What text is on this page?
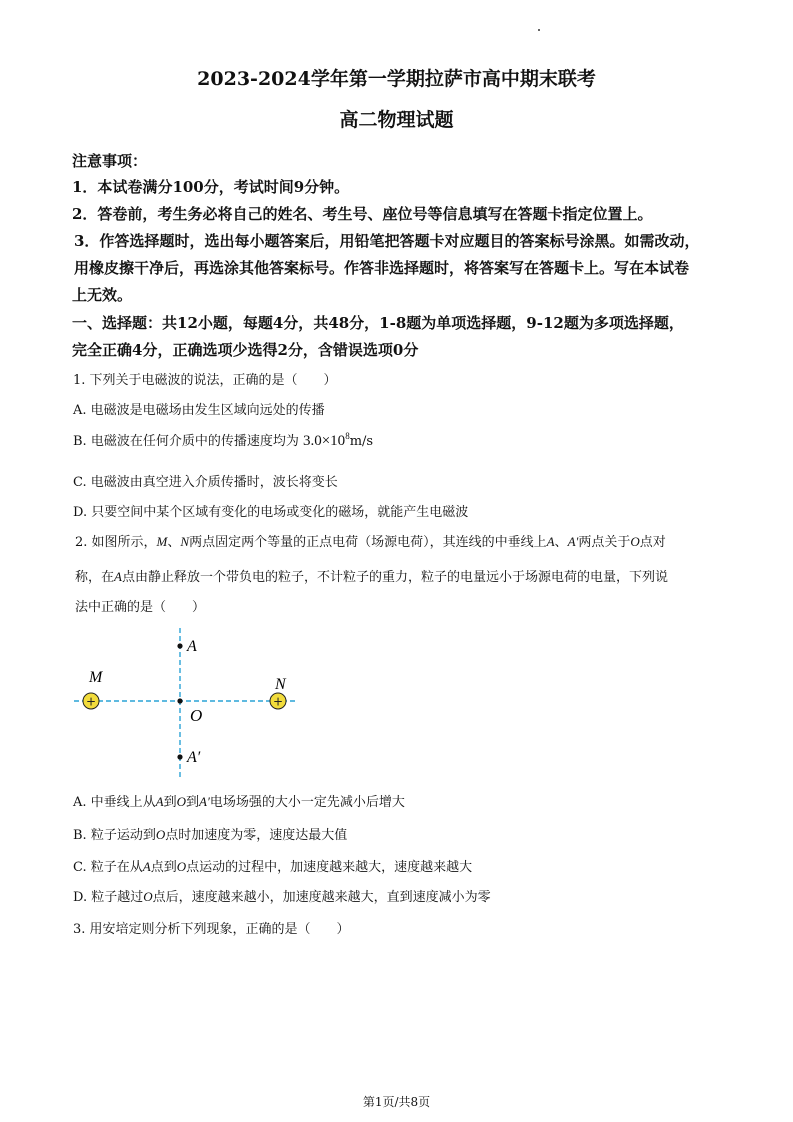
2023-2024学年第一学期拉萨市高中期末联考
高二物理试题
注意事项：
1．本试卷满分100分，考试时间9分钟。
2．答卷前，考生务必将自己的姓名、考生号、座位号等信息填写在答题卡指定位置上。
3．作答选择题时，选出每小题答案后，用铅笔把答题卡对应题目的答案标号涂黑。如需改动，
用橡皮擦干净后，再选涂其他答案标号。作答非选择题时，将答案写在答题卡上。写在本试卷
上无效。
一、选择题：共12小题，每题4分，共48分，1-8题为单项选择题，9-12题为多项选择题，
完全正确4分，正确选项少选得2分，含错误选项0分
1. 下列关于电磁波的说法，正确的是（　　）
A. 电磁波是电磁场由发生区域向远处的传播
B. 电磁波在任何介质中的传播速度均为 $3.0\times 10^8m/s$
C. 电磁波由真空进入介质传播时，波长将变长
D. 只要空间中某个区域有变化的电场或变化的磁场，就能产生电磁波
2. 如图所示，M、N两点固定两个等量的正点电荷（场源电荷），其连线的中垂线上A、A′两点关于O点对
称，在A点由静止释放一个带负电的粒子，不计粒子的重力，粒子的电量远小于场源电荷的电量，下列说
法中正确的是（　　）
+	+
A
O
A′
M	N
A. 中垂线上从A到O到A′电场场强的大小一定先减小后增大
B. 粒子运动到O点时加速度为零，速度达最大值
C. 粒子在从A点到O点运动的过程中，加速度越来越大，速度越来越大
D. 粒子越过O点后，速度越来越小，加速度越来越大，直到速度减小为零
3. 用安培定则分析下列现象，正确的是（　　）
第1页/共8页
